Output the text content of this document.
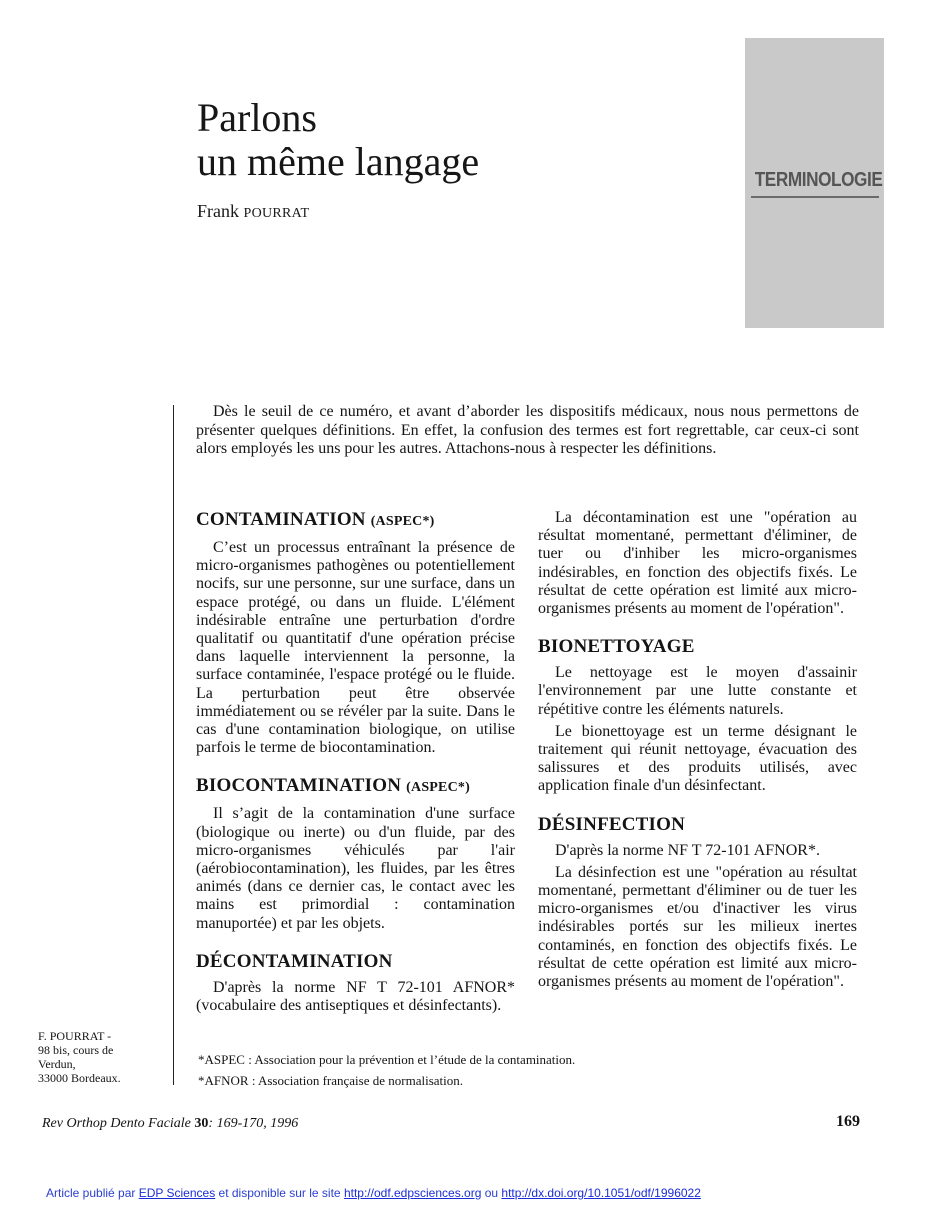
Parlons
un même langage
Frank POURRAT
TERMINOLOGIE

Dès le seuil de ce numéro, et avant d’aborder les dispositifs médicaux, nous nous permettons de présenter quelques définitions. En effet, la confusion des termes est fort regrettable, car ceux-ci sont alors employés les uns pour les autres. Attachons-nous à respecter les définitions.

CONTAMINATION (ASPEC*)

C’est un processus entraînant la présence de micro-organismes pathogènes ou potentiellement nocifs, sur une personne, sur une surface, dans un espace protégé, ou dans un fluide. L'élément indésirable entraîne une perturbation d'ordre qualitatif ou quantitatif d'une opération précise dans laquelle interviennent la personne, la surface contaminée, l'espace protégé ou le fluide. La perturbation peut être observée immédiatement ou se révéler par la suite. Dans le cas d'une contamination biologique, on utilise parfois le terme de biocontamination.

BIOCONTAMINATION (ASPEC*)

Il s’agit de la contamination d'une surface (biologique ou inerte) ou d'un fluide, par des micro-organismes véhiculés par l'air (aérobiocontamination), les fluides, par les êtres animés (dans ce dernier cas, le contact avec les mains est primordial : contamination manuportée) et par les objets.

DÉCONTAMINATION

D'après la norme NF T 72-101 AFNOR* (vocabulaire des antiseptiques et désinfectants).

La décontamination est une "opération au résultat momentané, permettant d'éliminer, de tuer ou d'inhiber les micro-organismes indésirables, en fonction des objectifs fixés. Le résultat de cette opération est limité aux micro-organismes présents au moment de l'opération".

BIONETTOYAGE

Le nettoyage est le moyen d'assainir l'environnement par une lutte constante et répétitive contre les éléments naturels.

Le bionettoyage est un terme désignant le traitement qui réunit nettoyage, évacuation des salissures et des produits utilisés, avec application finale d'un désinfectant.

DÉSINFECTION

D'après la norme NF T 72-101 AFNOR*.

La désinfection est une "opération au résultat momentané, permettant d'éliminer ou de tuer les micro-organismes et/ou d'inactiver les virus indésirables portés sur les milieux inertes contaminés, en fonction des objectifs fixés. Le résultat de cette opération est limité aux micro-organismes présents au moment de l'opération".

F. POURRAT -
98 bis, cours de
Verdun,
33000 Bordeaux.
*ASPEC : Association pour la prévention et l’étude de la contamination.
*AFNOR : Association française de normalisation.
Rev Orthop Dento Faciale 30: 169-170, 1996	169
Article publié par EDP Sciences et disponible sur le site http://odf.edpsciences.org ou http://dx.doi.org/10.1051/odf/1996022
